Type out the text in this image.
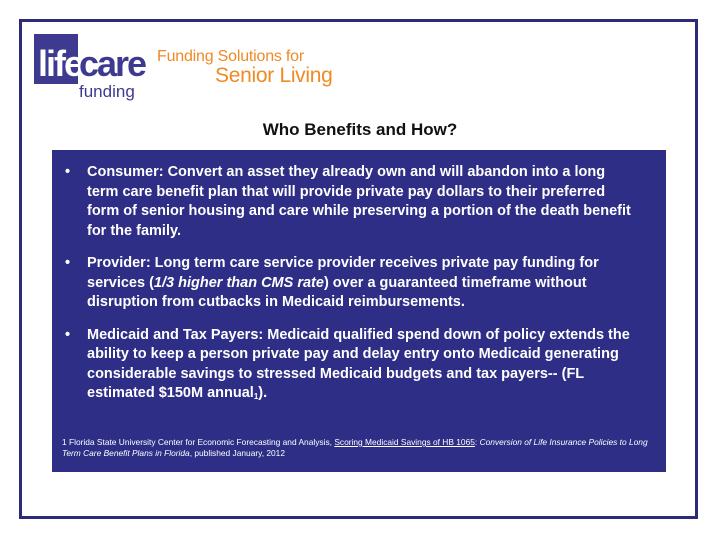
life
care
funding
Funding Solutions for
Senior Living
Who Benefits and How?
• Consumer: Convert an asset they already own and will abandon into a long term care benefit plan that will provide private pay dollars to their preferred form of senior housing and care while preserving a portion of the death benefit for the family.
• Provider: Long term care service provider receives private pay funding for services (1/3 higher than CMS rate) over a guaranteed timeframe without disruption from cutbacks in Medicaid reimbursements.
• Medicaid and Tax Payers: Medicaid qualified spend down of policy extends the ability to keep a person private pay and delay entry onto Medicaid generating considerable savings to stressed Medicaid budgets and tax payers-- (FL estimated $150M annual$_1$).
1 Florida State University Center for Economic Forecasting and Analysis, Scoring Medicaid Savings of HB 1065: Conversion of Life Insurance Policies to Long Term Care Benefit Plans in Florida, published January, 2012
